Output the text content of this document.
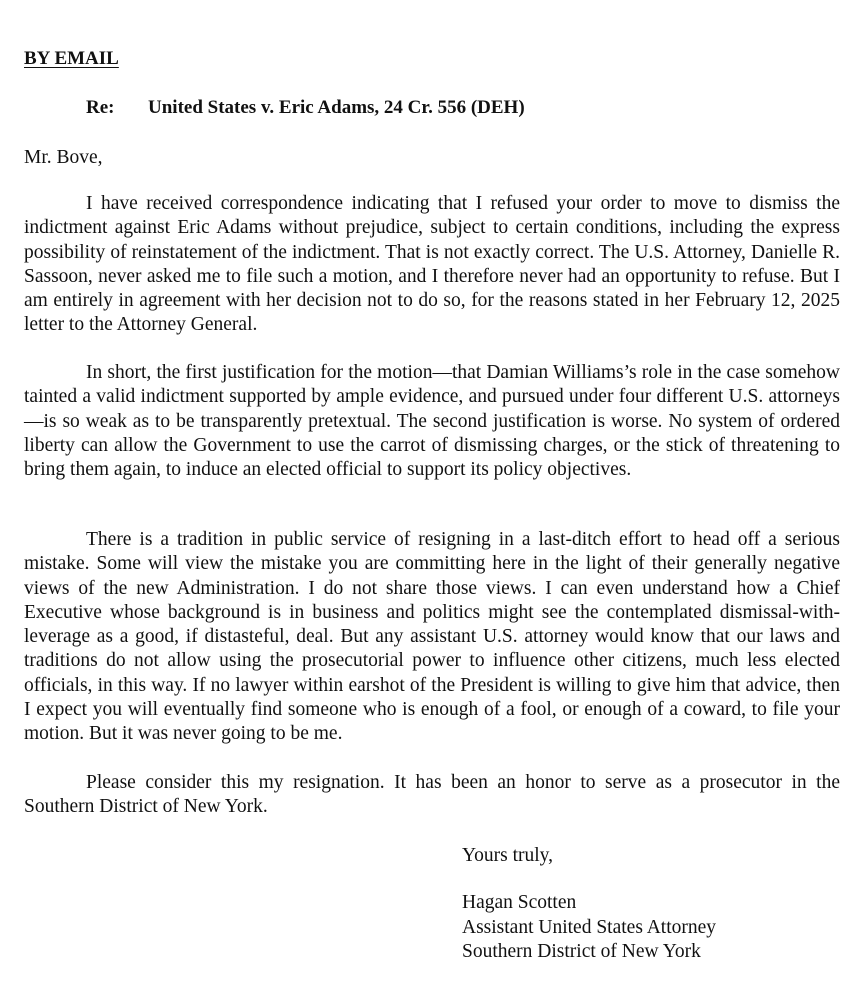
BY EMAIL

Re: United States v. Eric Adams, 24 Cr. 556 (DEH)

Mr. Bove,

I have received correspondence indicating that I refused your order to move to dismiss the indictment against Eric Adams without prejudice, subject to certain conditions, including the express possibility of reinstatement of the indictment. That is not exactly correct. The U.S. Attorney, Danielle R. Sassoon, never asked me to file such a motion, and I therefore never had an opportunity to refuse. But I am entirely in agreement with her decision not to do so, for the reasons stated in her February 12, 2025 letter to the Attorney General.

In short, the first justification for the motion—that Damian Williams’s role in the case somehow tainted a valid indictment supported by ample evidence, and pursued under four different U.S. attorneys—is so weak as to be transparently pretextual. The second justification is worse. No system of ordered liberty can allow the Government to use the carrot of dismissing charges, or the stick of threatening to bring them again, to induce an elected official to support its policy objectives.

There is a tradition in public service of resigning in a last-ditch effort to head off a serious mistake. Some will view the mistake you are committing here in the light of their generally negative views of the new Administration. I do not share those views. I can even understand how a Chief Executive whose background is in business and politics might see the contemplated dismissal-with-leverage as a good, if distasteful, deal. But any assistant U.S. attorney would know that our laws and traditions do not allow using the prosecutorial power to influence other citizens, much less elected officials, in this way. If no lawyer within earshot of the President is willing to give him that advice, then I expect you will eventually find someone who is enough of a fool, or enough of a coward, to file your motion. But it was never going to be me.

Please consider this my resignation. It has been an honor to serve as a prosecutor in the Southern District of New York.

Yours truly,

Hagan Scotten
Assistant United States Attorney
Southern District of New York
